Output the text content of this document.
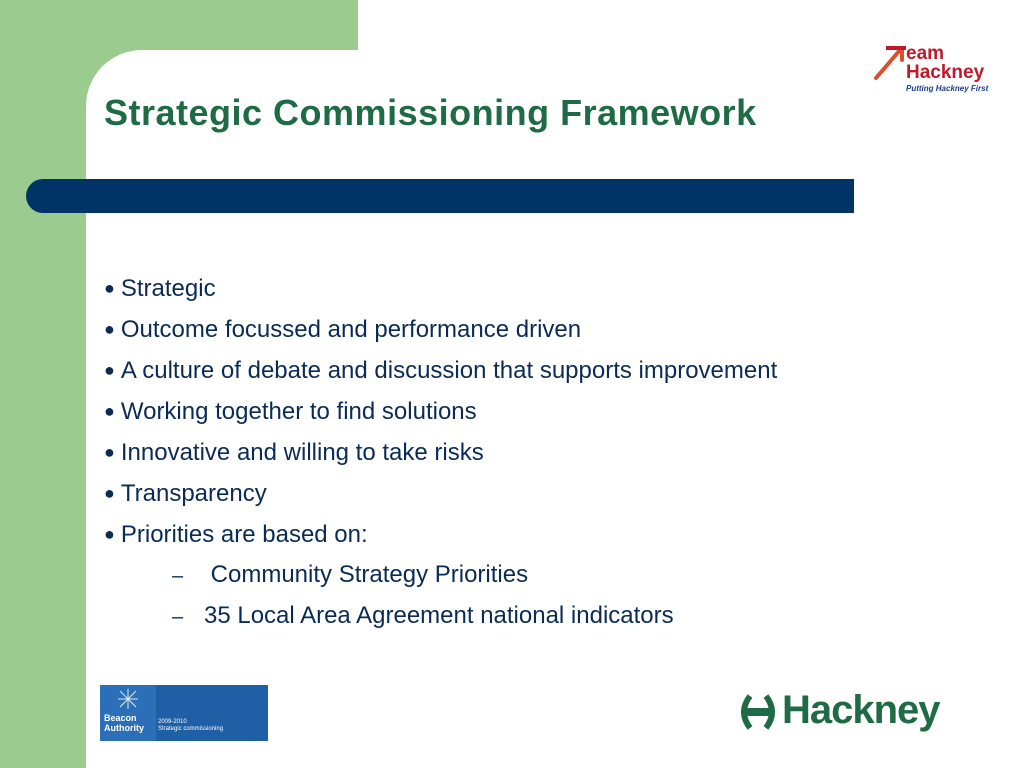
Strategic Commissioning Framework
eam
Hackney
Putting Hackney First
● Strategic
● Outcome focussed and performance driven
● A culture of debate and discussion that supports improvement
● Working together to find solutions
● Innovative and willing to take risks
● Transparency
● Priorities are based on:
– Community Strategy Priorities
– 35 Local Area Agreement national indicators
Beacon
Authority
2009-2010
Strategic commissioning	Hackney
